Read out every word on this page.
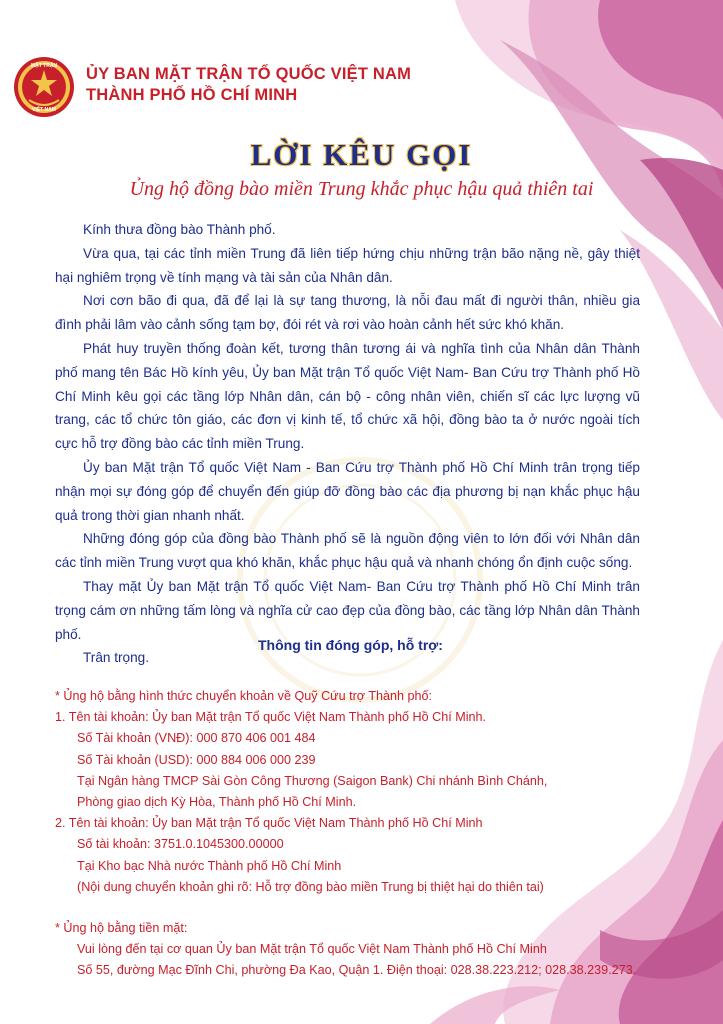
MẶT TRẬN
VIỆT NAM
ỦY BAN MẶT TRẬN TỔ QUỐC VIỆT NAM
THÀNH PHỐ HỒ CHÍ MINH
LỜI KÊU GỌI
Ủng hộ đồng bào miền Trung khắc phục hậu quả thiên tai

Kính thưa đồng bào Thành phố.

Vừa qua, tại các tỉnh miền Trung đã liên tiếp hứng chịu những trận bão nặng nề, gây thiệt hại nghiêm trọng về tính mạng và tài sản của Nhân dân.

Nơi cơn bão đi qua, đã để lại là sự tang thương, là nỗi đau mất đi người thân, nhiều gia đình phải lâm vào cảnh sống tạm bợ, đói rét và rơi vào hoàn cảnh hết sức khó khăn.

Phát huy truyền thống đoàn kết, tương thân tương ái và nghĩa tình của Nhân dân Thành phố mang tên Bác Hồ kính yêu, Ủy ban Mặt trận Tổ quốc Việt Nam- Ban Cứu trợ Thành phố Hồ Chí Minh kêu gọi các tầng lớp Nhân dân, cán bộ - công nhân viên, chiến sĩ các lực lượng vũ trang, các tổ chức tôn giáo, các đơn vị kinh tế, tổ chức xã hội, đồng bào ta ở nước ngoài tích cực hỗ trợ đồng bào các tỉnh miền Trung.

Ủy ban Mặt trận Tổ quốc Việt Nam - Ban Cứu trợ Thành phố Hồ Chí Minh trân trọng tiếp nhận mọi sự đóng góp để chuyển đến giúp đỡ đồng bào các địa phương bị nạn khắc phục hậu quả trong thời gian nhanh nhất.

Những đóng góp của đồng bào Thành phố sẽ là nguồn động viên to lớn đối với Nhân dân các tỉnh miền Trung vượt qua khó khăn, khắc phục hậu quả và nhanh chóng ổn định cuộc sống.

Thay mặt Ủy ban Mặt trận Tổ quốc Việt Nam- Ban Cứu trợ Thành phố Hồ Chí Minh trân trọng cám ơn những tấm lòng và nghĩa cử cao đẹp của đồng bào, các tầng lớp Nhân dân Thành phố.

Trân trọng.

Thông tin đóng góp, hỗ trợ:
* Ủng hộ bằng hình thức chuyển khoản về Quỹ Cứu trợ Thành phố:
1. Tên tài khoản: Ủy ban Mặt trận Tổ quốc Việt Nam Thành phố Hồ Chí Minh.
Số Tài khoản (VNĐ): 000 870 406 001 484
Số Tài khoản (USD): 000 884 006 000 239
Tại Ngân hàng TMCP Sài Gòn Công Thương (Saigon Bank) Chi nhánh Bình Chánh,
Phòng giao dịch Kỳ Hòa, Thành phố Hồ Chí Minh.
2. Tên tài khoản: Ủy ban Mặt trận Tổ quốc Việt Nam Thành phố Hồ Chí Minh
Số tài khoản: 3751.0.1045300.00000
Tại Kho bạc Nhà nước Thành phố Hồ Chí Minh
(Nội dung chuyển khoản ghi rõ: Hỗ trợ đồng bào miền Trung bị thiệt hại do thiên tai)
* Ủng hộ bằng tiền mặt:
Vui lòng đến tại cơ quan Ủy ban Mặt trận Tổ quốc Việt Nam Thành phố Hồ Chí Minh
Số 55, đường Mạc Đĩnh Chi, phường Đa Kao, Quận 1. Điện thoại: 028.38.223.212; 028.38.239.273.
